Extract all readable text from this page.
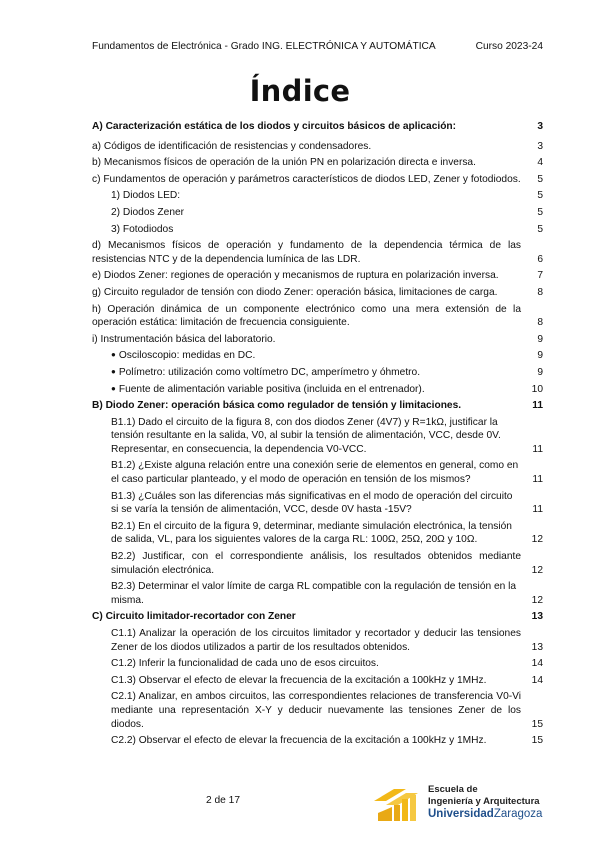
Fundamentos de Electrónica - Grado ING. ELECTRÓNICA Y AUTOMÁTICA	Curso 2023-24
Índice
A) Caracterización estática de los diodos y circuitos básicos de aplicación:	3
a) Códigos de identificación de resistencias y condensadores.	3
b) Mecanismos físicos de operación de la unión PN en polarización directa e inversa.	4
c) Fundamentos de operación y parámetros característicos de diodos LED, Zener y fotodiodos.	5
1) Diodos LED:	5
2) Diodos Zener	5
3) Fotodiodos	5
d) Mecanismos físicos de operación y fundamento de la dependencia térmica de las resistencias NTC y de la dependencia lumínica de las LDR.	6
e) Diodos Zener: regiones de operación y mecanismos de ruptura en polarización inversa.	7
g) Circuito regulador de tensión con diodo Zener: operación básica, limitaciones de carga.	8
h) Operación dinámica de un componente electrónico como una mera extensión de la operación estática: limitación de frecuencia consiguiente.	8
i) Instrumentación básica del laboratorio.	9
● Osciloscopio: medidas en DC.	9
● Polímetro: utilización como voltímetro DC, amperímetro y óhmetro.	9
● Fuente de alimentación variable positiva (incluida en el entrenador).	10
B) Diodo Zener: operación básica como regulador de tensión y limitaciones.	11
B1.1) Dado el circuito de la figura 8, con dos diodos Zener (4V7) y R=1kΩ, justificar la tensión resultante en la salida, V0, al subir la tensión de alimentación, VCC, desde 0V. Representar, en consecuencia, la dependencia V0-VCC.	11
B1.2) ¿Existe alguna relación entre una conexión serie de elementos en general, como en el caso particular planteado, y el modo de operación en tensión de los mismos?	11
B1.3) ¿Cuáles son las diferencias más significativas en el modo de operación del circuito si se varía la tensión de alimentación, VCC, desde 0V hasta -15V?	11
B2.1) En el circuito de la figura 9, determinar, mediante simulación electrónica, la tensión de salida, VL, para los siguientes valores de la carga RL: 100Ω, 25Ω, 20Ω y 10Ω.	12
B2.2) Justificar, con el correspondiente análisis, los resultados obtenidos mediante simulación electrónica.	12
B2.3) Determinar el valor límite de carga RL compatible con la regulación de tensión en la misma.	12
C) Circuito limitador-recortador con Zener	13
C1.1) Analizar la operación de los circuitos limitador y recortador y deducir las tensiones Zener de los diodos utilizados a partir de los resultados obtenidos.	13
C1.2) Inferir la funcionalidad de cada uno de esos circuitos.	14
C1.3) Observar el efecto de elevar la frecuencia de la excitación a 100kHz y 1MHz.	14
C2.1) Analizar, en ambos circuitos, las correspondientes relaciones de transferencia V0-Vi mediante una representación X-Y y deducir nuevamente las tensiones Zener de los diodos.	15
C2.2) Observar el efecto de elevar la frecuencia de la excitación a 100kHz y 1MHz.	15
2 de 17
Escuela de
Ingeniería y Arquitectura
UniversidadZaragoza
